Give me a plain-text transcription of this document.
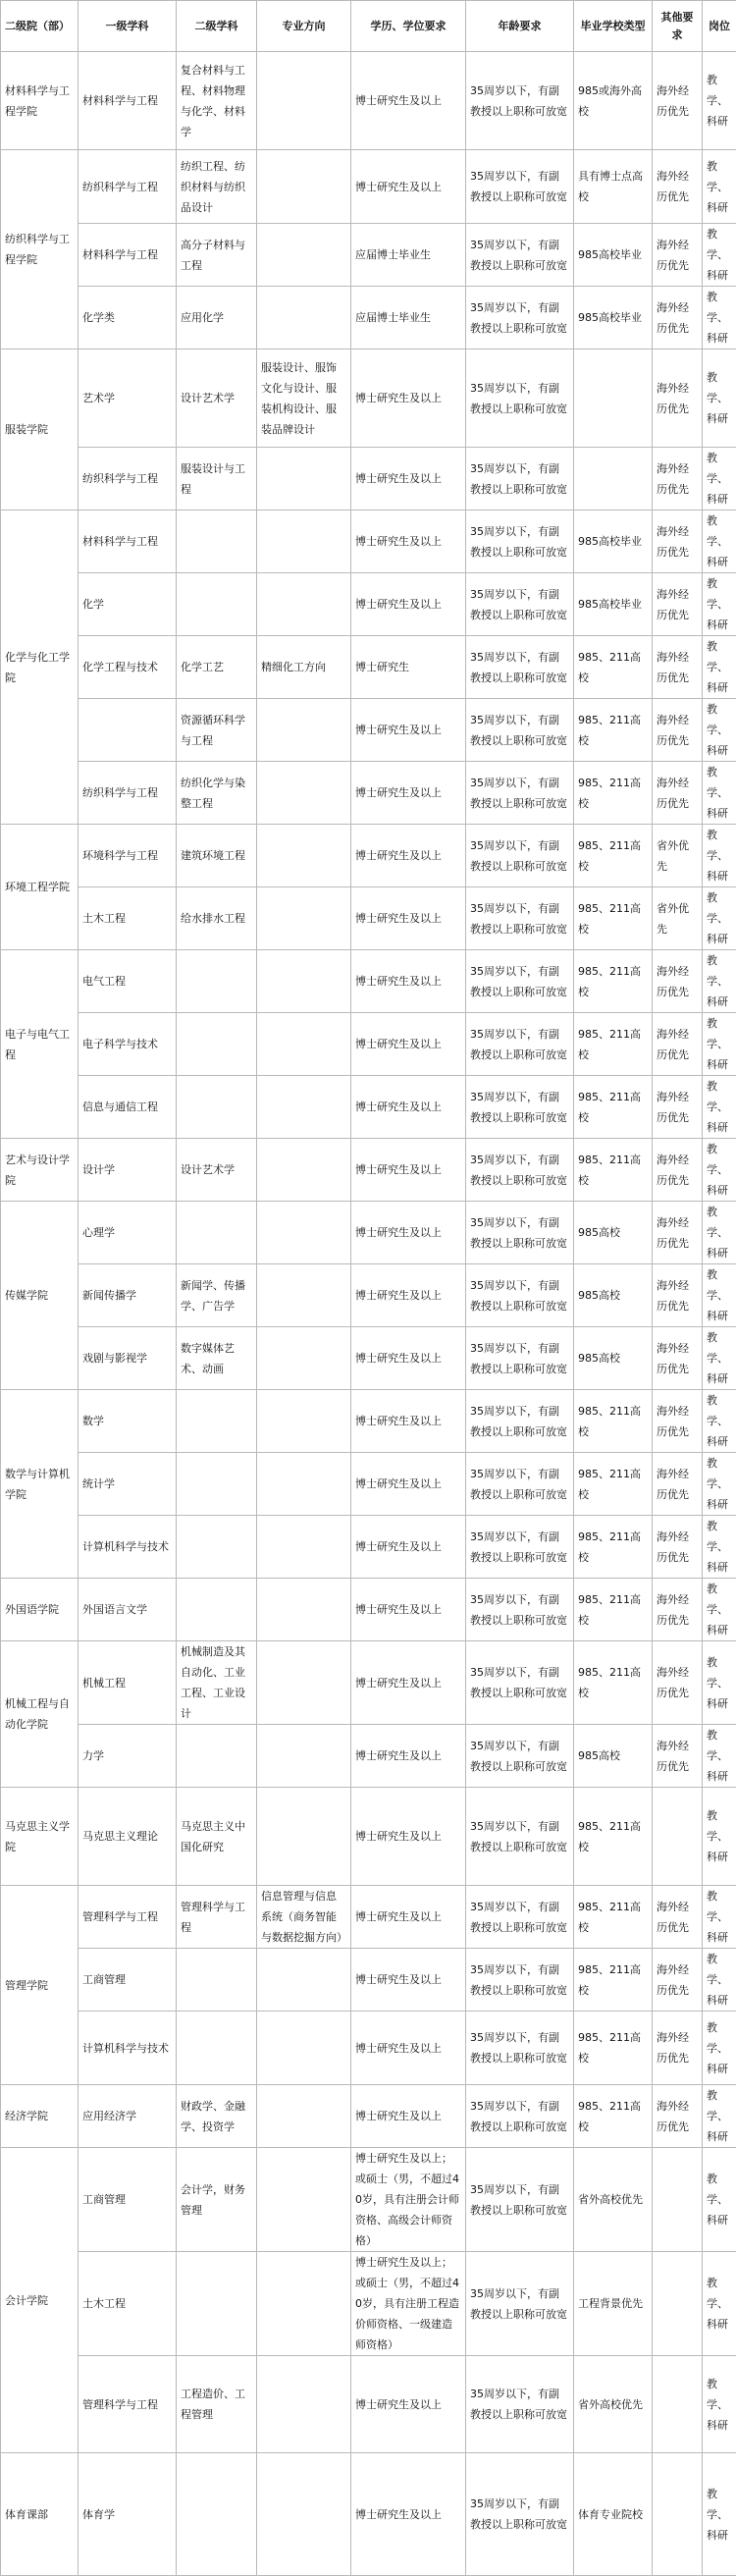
二级院（部）	一级学科	二级学科	专业方向	学历、学位要求	年龄要求	毕业学校类型	其他要求	岗位
材料科学与工程学院	材料科学与工程	复合材料与工程、材料物理与化学、材料学		博士研究生及以上	35周岁以下，有副教授以上职称可放宽	985或海外高校	海外经历优先	教学、科研
纺织科学与工程学院	纺织科学与工程	纺织工程、纺织材料与纺织品设计		博士研究生及以上	35周岁以下，有副教授以上职称可放宽	具有博士点高校	海外经历优先	教学、科研
	材料科学与工程	高分子材料与工程		应届博士毕业生	35周岁以下，有副教授以上职称可放宽	985高校毕业	海外经历优先	教学、科研
	化学类	应用化学		应届博士毕业生	35周岁以下，有副教授以上职称可放宽	985高校毕业	海外经历优先	教学、科研
服装学院	艺术学	设计艺术学	服装设计、服饰文化与设计、服装机构设计、服装品牌设计	博士研究生及以上	35周岁以下，有副教授以上职称可放宽		海外经历优先	教学、科研
	纺织科学与工程	服装设计与工程		博士研究生及以上	35周岁以下，有副教授以上职称可放宽		海外经历优先	教学、科研
化学与化工学院	材料科学与工程			博士研究生及以上	35周岁以下，有副教授以上职称可放宽	985高校毕业	海外经历优先	教学、科研
	化学			博士研究生及以上	35周岁以下，有副教授以上职称可放宽	985高校毕业	海外经历优先	教学、科研
	化学工程与技术	化学工艺	精细化工方向	博士研究生	35周岁以下，有副教授以上职称可放宽	985、211高校	海外经历优先	教学、科研
		资源循环科学与工程		博士研究生及以上	35周岁以下，有副教授以上职称可放宽	985、211高校	海外经历优先	教学、科研
	纺织科学与工程	纺织化学与染整工程		博士研究生及以上	35周岁以下，有副教授以上职称可放宽	985、211高校	海外经历优先	教学、科研
环境工程学院	环境科学与工程	建筑环境工程		博士研究生及以上	35周岁以下，有副教授以上职称可放宽	985、211高校	省外优先	教学、科研
	土木工程	给水排水工程		博士研究生及以上	35周岁以下，有副教授以上职称可放宽	985、211高校	省外优先	教学、科研
电子与电气工程	电气工程			博士研究生及以上	35周岁以下，有副教授以上职称可放宽	985、211高校	海外经历优先	教学、科研
	电子科学与技术			博士研究生及以上	35周岁以下，有副教授以上职称可放宽	985、211高校	海外经历优先	教学、科研
	信息与通信工程			博士研究生及以上	35周岁以下，有副教授以上职称可放宽	985、211高校	海外经历优先	教学、科研
艺术与设计学院	设计学	设计艺术学		博士研究生及以上	35周岁以下，有副教授以上职称可放宽	985、211高校	海外经历优先	教学、科研
传媒学院	心理学			博士研究生及以上	35周岁以下，有副教授以上职称可放宽	985高校	海外经历优先	教学、科研
	新闻传播学	新闻学、传播学、广告学		博士研究生及以上	35周岁以下，有副教授以上职称可放宽	985高校	海外经历优先	教学、科研
	戏剧与影视学	数字媒体艺术、动画		博士研究生及以上	35周岁以下，有副教授以上职称可放宽	985高校	海外经历优先	教学、科研
数学与计算机学院	数学			博士研究生及以上	35周岁以下，有副教授以上职称可放宽	985、211高校	海外经历优先	教学、科研
	统计学			博士研究生及以上	35周岁以下，有副教授以上职称可放宽	985、211高校	海外经历优先	教学、科研
	计算机科学与技术			博士研究生及以上	35周岁以下，有副教授以上职称可放宽	985、211高校	海外经历优先	教学、科研
外国语学院	外国语言文学			博士研究生及以上	35周岁以下，有副教授以上职称可放宽	985、211高校	海外经历优先	教学、科研
机械工程与自动化学院	机械工程	机械制造及其自动化、工业工程、工业设计		博士研究生及以上	35周岁以下，有副教授以上职称可放宽	985、211高校	海外经历优先	教学、科研
	力学			博士研究生及以上	35周岁以下，有副教授以上职称可放宽	985高校	海外经历优先	教学、科研
马克思主义学院	马克思主义理论	马克思主义中国化研究		博士研究生及以上	35周岁以下，有副教授以上职称可放宽	985、211高校		教学、科研
管理学院	管理科学与工程	管理科学与工程	信息管理与信息系统（商务智能与数据挖掘方向）	博士研究生及以上	35周岁以下，有副教授以上职称可放宽	985、211高校	海外经历优先	教学、科研
	工商管理			博士研究生及以上	35周岁以下，有副教授以上职称可放宽	985、211高校	海外经历优先	教学、科研
	计算机科学与技术			博士研究生及以上	35周岁以下，有副教授以上职称可放宽	985、211高校	海外经历优先	教学、科研
经济学院	应用经济学	财政学、金融学、投资学		博士研究生及以上	35周岁以下，有副教授以上职称可放宽	985、211高校	海外经历优先	教学、科研
会计学院	工商管理	会计学，财务管理		博士研究生及以上；或硕士（男，不超过40岁，具有注册会计师资格、高级会计师资格）	35周岁以下，有副教授以上职称可放宽	省外高校优先		教学、科研
	土木工程			博士研究生及以上；或硕士（男，不超过40岁，具有注册工程造价师资格、一级建造师资格）	35周岁以下，有副教授以上职称可放宽	工程背景优先		教学、科研
	管理科学与工程	工程造价、工程管理		博士研究生及以上	35周岁以下，有副教授以上职称可放宽	省外高校优先		教学、科研
体育课部	体育学			博士研究生及以上	35周岁以下，有副教授以上职称可放宽	体育专业院校		教学、科研
